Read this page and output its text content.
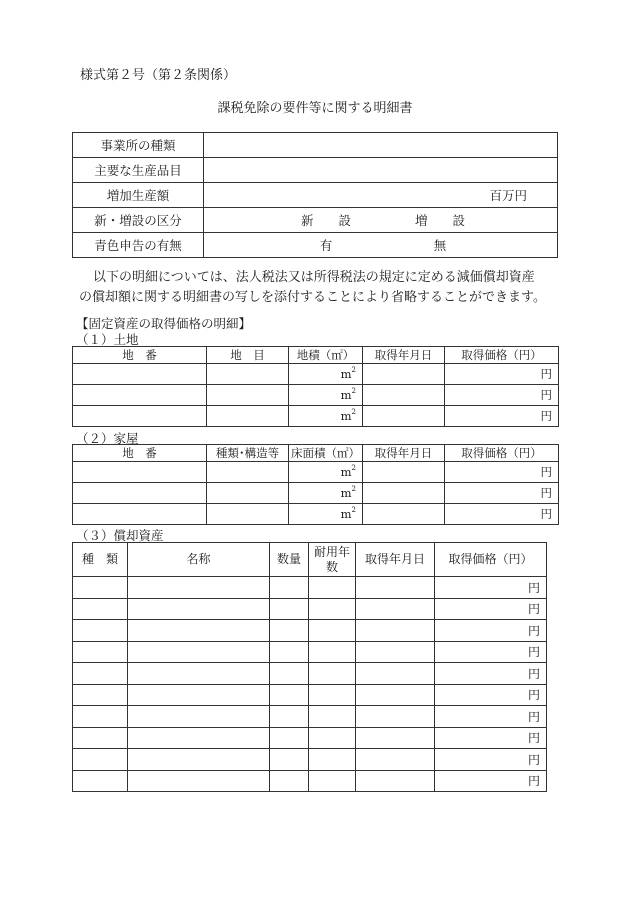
様式第２号（第２条関係）
課税免除の要件等に関する明細書
事業所の種類	
主要な生産品目	
増加生産額	百万円
新・増設の区分	新　　設 増　　設
青色申告の有無	有 無
　以下の明細については、法人税法又は所得税法の規定に定める減価償却資産
の償却額に関する明細書の写しを添付することにより省略することができます。
【固定資産の取得価格の明細】
（１）土地
地　番	地　目	地積（㎡）	取得年月日	取得価格（円）
		$m^2$		円
		$m^2$		円
		$m^2$		円
（２）家屋
地　番	種類･構造等	床面積（㎡）	取得年月日	取得価格（円）
		$m^2$		円
		$m^2$		円
		$m^2$		円
（３）償却資産
種　類	名称	数量	耐用年数	取得年月日	取得価格（円）
					円
					円
					円
					円
					円
					円
					円
					円
					円
					円
